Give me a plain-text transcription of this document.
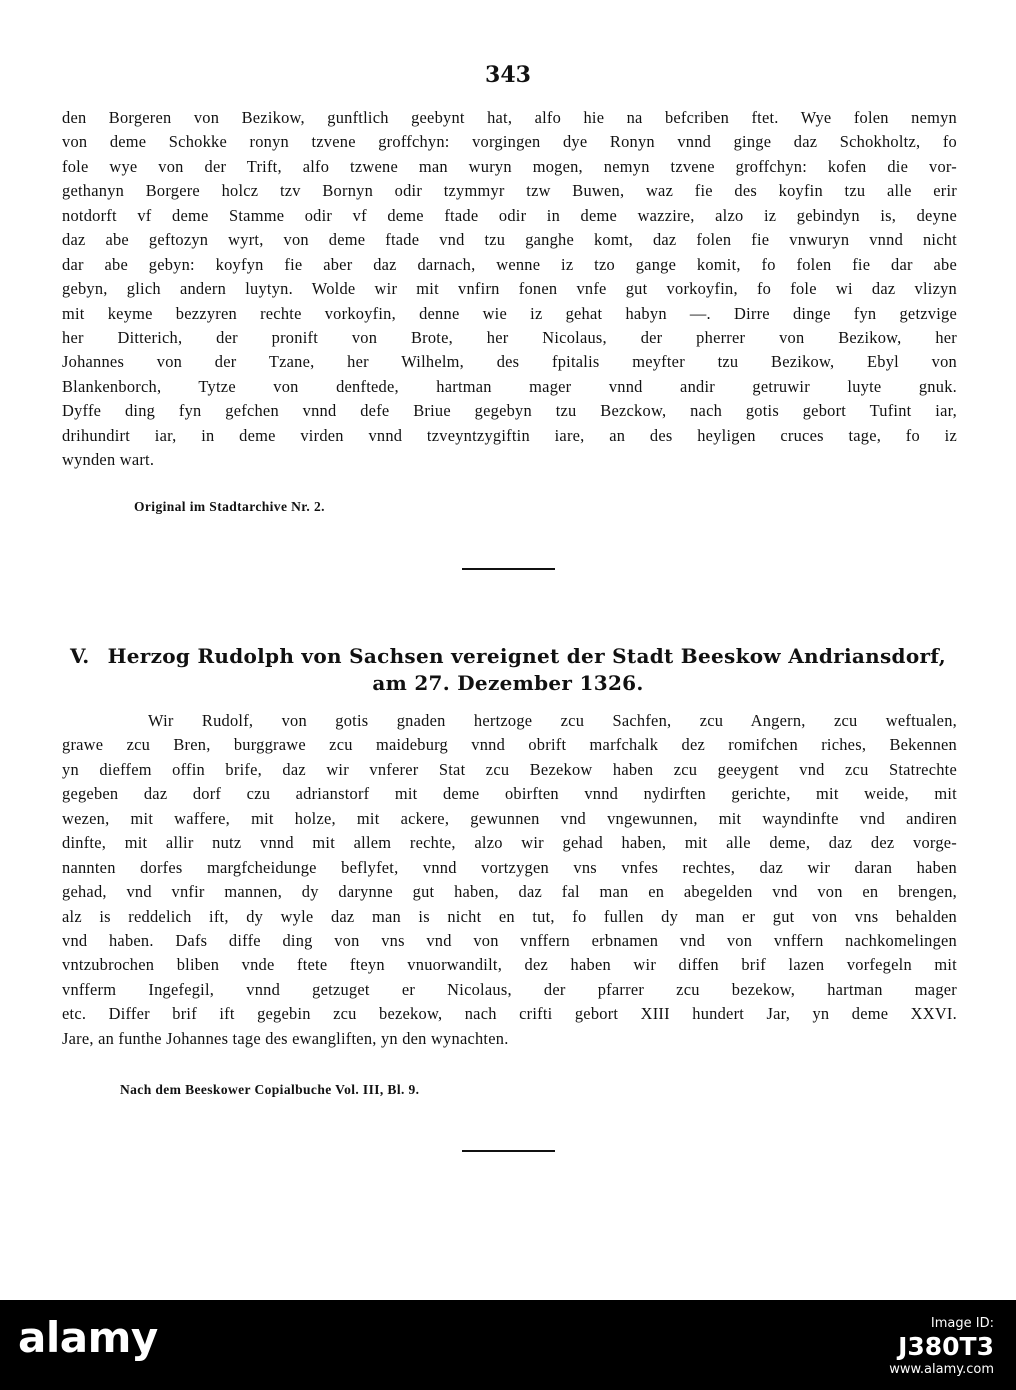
343
den Borgeren von Bezikow, gunftlich geebynt hat, alfo hie na befcriben ftet. Wye folen nemyn
von deme Schokke ronyn tzvene groffchyn: vorgingen dye Ronyn vnnd ginge daz Schokholtz, fo
fole wye von der Trift, alfo tzwene man wuryn mogen, nemyn tzvene groffchyn: kofen die vor-
gethanyn Borgere holcz tzv Bornyn odir tzymmyr tzw Buwen, waz fie des koyfin tzu alle erir
notdorft vf deme Stamme odir vf deme ftade odir in deme wazzire, alzo iz gebindyn is, deyne
daz abe geftozyn wyrt, von deme ftade vnd tzu ganghe komt, daz folen fie vnwuryn vnnd nicht
dar abe gebyn: koyfyn fie aber daz darnach, wenne iz tzo gange komit, fo folen fie dar abe
gebyn, glich andern luytyn. Wolde wir mit vnfirn fonen vnfe gut vorkoyfin, fo fole wi daz vlizyn
mit keyme bezzyren rechte vorkoyfin, denne wie iz gehat habyn —. Dirre dinge fyn getzvige
her Ditterich, der pronift von Brote, her Nicolaus, der pherrer von Bezikow, her
Johannes von der Tzane, her Wilhelm, des fpitalis meyfter tzu Bezikow, Ebyl von
Blankenborch, Tytze von denftede, hartman mager vnnd andir getruwir luyte gnuk.
Dyffe ding fyn gefchen vnnd defe Briue gegebyn tzu Bezckow, nach gotis gebort Tufint iar,
drihundirt iar, in deme virden vnnd tzveyntzygiftin iare, an des heyligen cruces tage, fo iz
wynden wart.
Original im Stadtarchive Nr. 2.
V. Herzog Rudolph von Sachsen vereignet der Stadt Beeskow Andriansdorf,
am 27. Dezember 1326.
Wir Rudolf, von gotis gnaden hertzoge zcu Sachfen, zcu Angern, zcu weftualen,
grawe zcu Bren, burggrawe zcu maideburg vnnd obrift marfchalk dez romifchen riches, Bekennen
yn dieffem offin brife, daz wir vnferer Stat zcu Bezekow haben zcu geeygent vnd zcu Statrechte
gegeben daz dorf czu adrianstorf mit deme obirften vnnd nydirften gerichte, mit weide, mit
wezen, mit waffere, mit holze, mit ackere, gewunnen vnd vngewunnen, mit wayndinfte vnd andiren
dinfte, mit allir nutz vnnd mit allem rechte, alzo wir gehad haben, mit alle deme, daz dez vorge-
nannten dorfes margfcheidunge beflyfet, vnnd vortzygen vns vnfes rechtes, daz wir daran haben
gehad, vnd vnfir mannen, dy darynne gut haben, daz fal man en abegelden vnd von en brengen,
alz is reddelich ift, dy wyle daz man is nicht en tut, fo fullen dy man er gut von vns behalden
vnd haben. Dafs diffe ding von vns vnd von vnffern erbnamen vnd von vnffern nachkomelingen
vntzubrochen bliben vnde ftete fteyn vnuorwandilt, dez haben wir diffen brif lazen vorfegeln mit
vnfferm Ingefegil, vnnd getzuget er Nicolaus, der pfarrer zcu bezekow, hartman mager
etc. Differ brif ift gegebin zcu bezekow, nach crifti gebort XIII hundert Jar, yn deme XXVI.
Jare, an funthe Johannes tage des ewangliften, yn den wynachten.
Nach dem Beeskower Copialbuche Vol. III, Bl. 9.
alamy	Image ID:
J380T3
www.alamy.com
